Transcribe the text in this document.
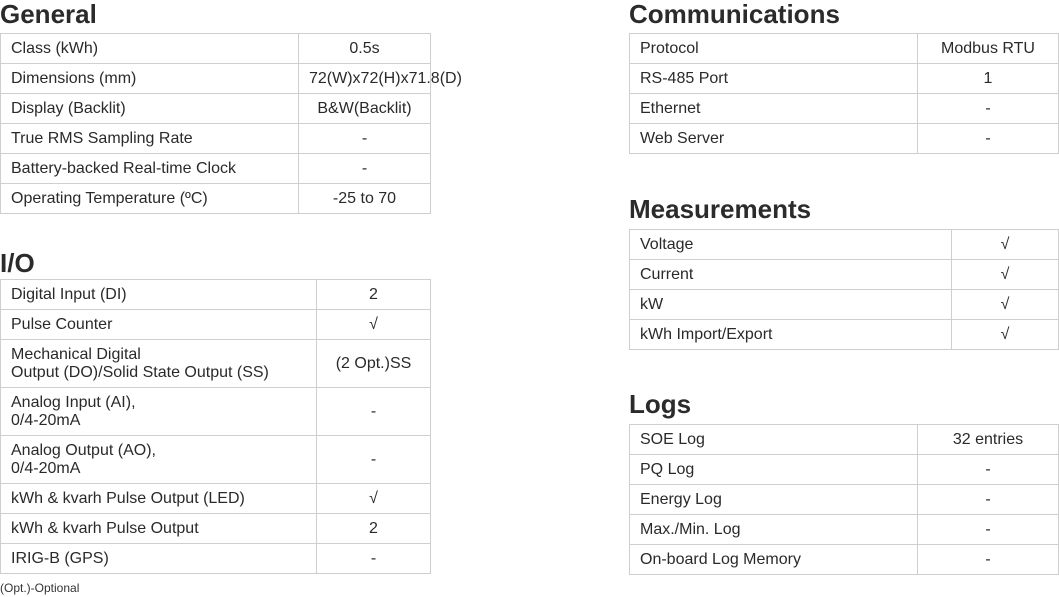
General
Class (kWh)	0.5s
Dimensions (mm)	72(W)x72(H)x71.8(D)
Display (Backlit)	B&W(Backlit)
True RMS Sampling Rate	-
Battery-backed Real-time Clock	-
Operating Temperature (ºC)	-25 to 70
I/O
Digital Input (DI)	2
Pulse Counter	√
Mechanical Digital
Output (DO)/Solid State Output (SS)	(2 Opt.)SS
Analog Input (AI),
0/4-20mA	-
Analog Output (AO),
0/4-20mA	-
kWh & kvarh Pulse Output (LED)	√
kWh & kvarh Pulse Output	2
IRIG-B (GPS)	-
(Opt.)-Optional
Communications
Protocol	Modbus RTU
RS-485 Port	1
Ethernet	-
Web Server	-
Measurements
Voltage	√
Current	√
kW	√
kWh Import/Export	√
Logs
SOE Log	32 entries
PQ Log	-
Energy Log	-
Max./Min. Log	-
On-board Log Memory	-
